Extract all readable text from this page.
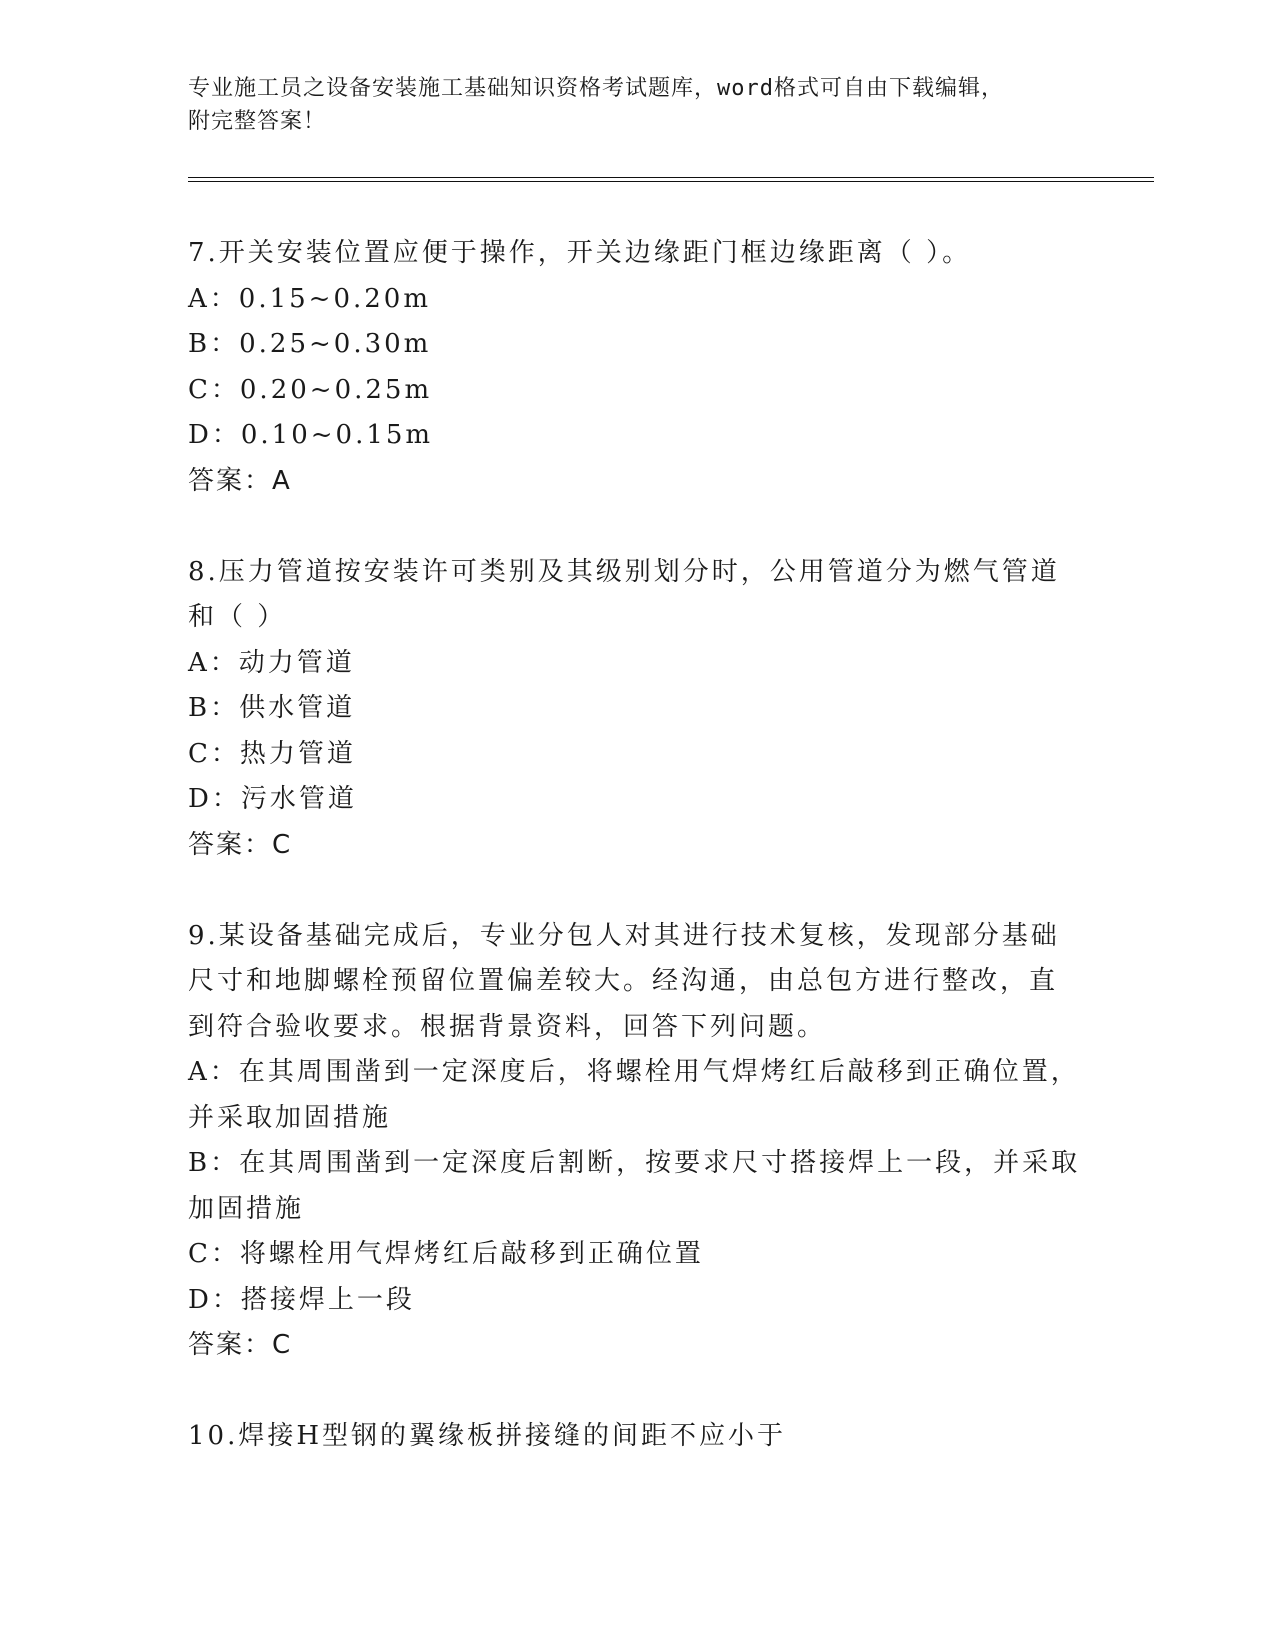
专业施工员之设备安装施工基础知识资格考试题库，word格式可自由下载编辑，
附完整答案！
7.开关安装位置应便于操作，开关边缘距门框边缘距离（ ）。
A：0.15~0.20m
B：0.25~0.30m
C：0.20~0.25m
D：0.10~0.15m
答案：A
8.压力管道按安装许可类别及其级别划分时，公用管道分为燃气管道
和（ ）
A：动力管道
B：供水管道
C：热力管道
D：污水管道
答案：C
9.某设备基础完成后，专业分包人对其进行技术复核，发现部分基础
尺寸和地脚螺栓预留位置偏差较大。经沟通，由总包方进行整改，直
到符合验收要求。根据背景资料，回答下列问题。
A：在其周围凿到一定深度后，将螺栓用气焊烤红后敲移到正确位置，
并采取加固措施
B：在其周围凿到一定深度后割断，按要求尺寸搭接焊上一段，并采取
加固措施
C：将螺栓用气焊烤红后敲移到正确位置
D：搭接焊上一段
答案：C
10.焊接H型钢的翼缘板拼接缝的间距不应小于
